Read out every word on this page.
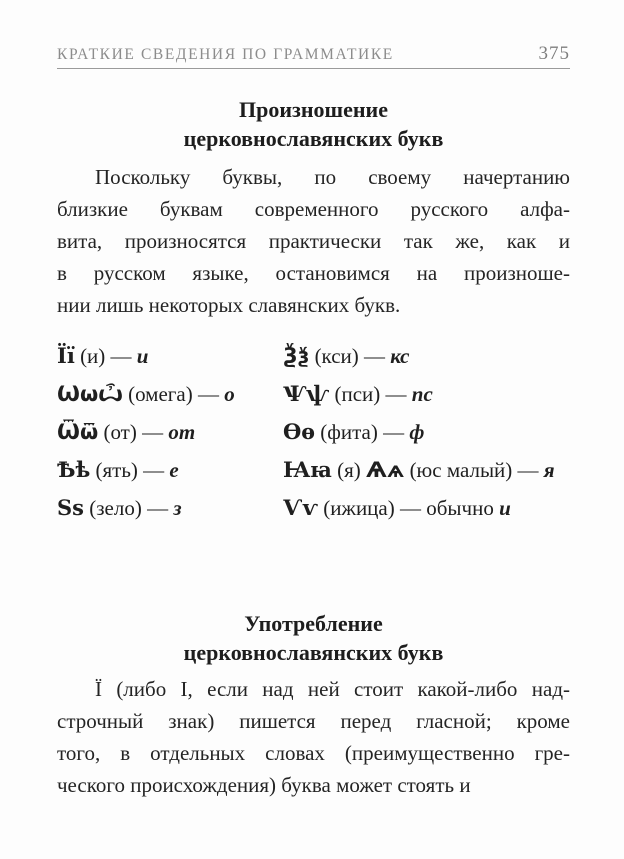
КРАТКИЕ СВЕДЕНИЯ ПО ГРАММАТИКЕ	375
Произношение
церковнославянских букв
Поскольку буквы, по своему начертанию
близкие буквам современного русского алфа-
вита, произносятся практически так же, как и
в русском языке, остановимся на произноше-
нии лишь некоторых славянских букв.
Її (и) — и
Ѡѡѽ (омега) — о
Ѿѿ (от) — от
Ѣѣ (ять) — е
Ѕѕ (зело) — з
Ѯѯ (кси) — кс
Ѱѱ (пси) — пс
Ѳѳ (фита) — ф
Ꙗꙗ (я) Ѧѧ (юс малый) — я
Ѵѵ (ижица) — обычно и
Употребление
церковнославянских букв
Ї (либо І, если над ней стоит какой-либо над-
строчный знак) пишется перед гласной; кроме
того, в отдельных словах (преимущественно гре-
ческого происхождения) буква может стоять и
